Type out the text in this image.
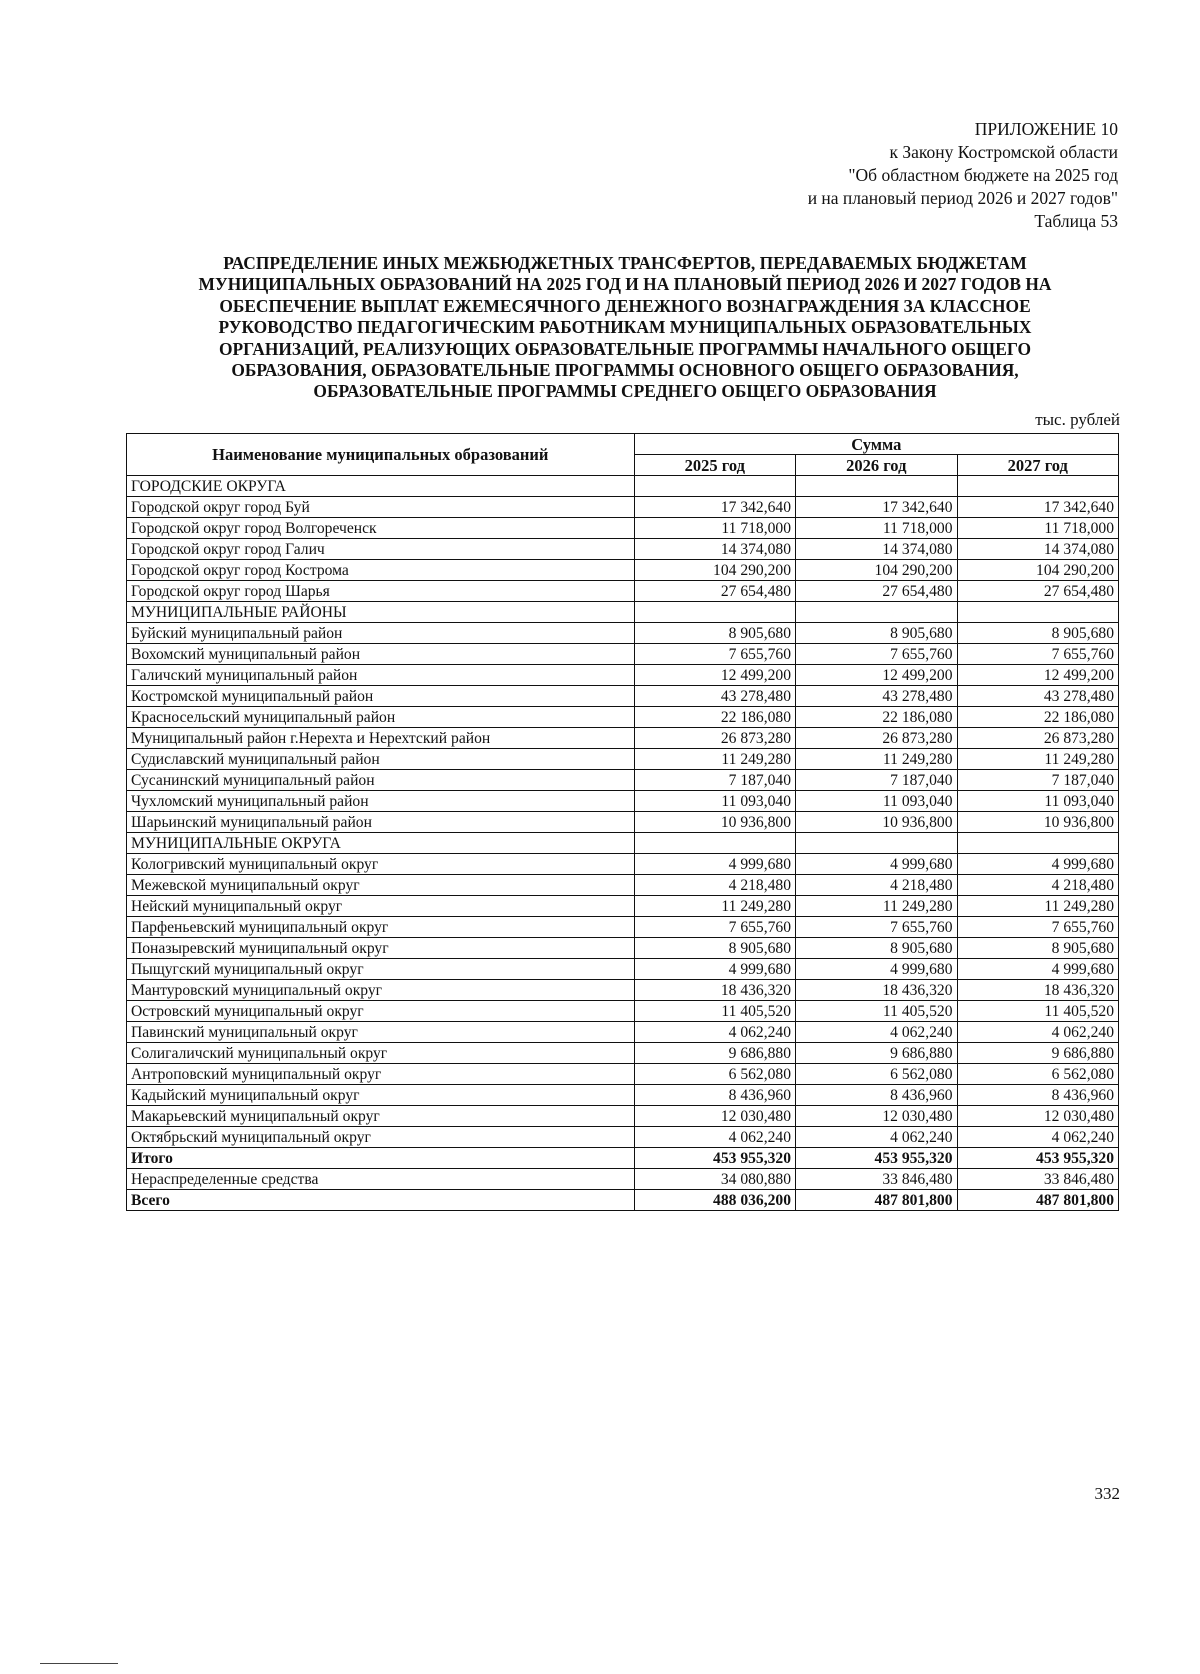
ПРИЛОЖЕНИЕ 10
к Закону Костромской области
"Об областном бюджете на 2025 год
и на плановый период 2026 и 2027 годов"
Таблица 53
РАСПРЕДЕЛЕНИЕ ИНЫХ МЕЖБЮДЖЕТНЫХ ТРАНСФЕРТОВ, ПЕРЕДАВАЕМЫХ БЮДЖЕТАМ
МУНИЦИПАЛЬНЫХ ОБРАЗОВАНИЙ НА 2025 ГОД И НА ПЛАНОВЫЙ ПЕРИОД 2026 И 2027 ГОДОВ НА
ОБЕСПЕЧЕНИЕ ВЫПЛАТ ЕЖЕМЕСЯЧНОГО ДЕНЕЖНОГО ВОЗНАГРАЖДЕНИЯ ЗА КЛАССНОЕ
РУКОВОДСТВО ПЕДАГОГИЧЕСКИМ РАБОТНИКАМ МУНИЦИПАЛЬНЫХ ОБРАЗОВАТЕЛЬНЫХ
ОРГАНИЗАЦИЙ, РЕАЛИЗУЮЩИХ ОБРАЗОВАТЕЛЬНЫЕ ПРОГРАММЫ НАЧАЛЬНОГО ОБЩЕГО
ОБРАЗОВАНИЯ, ОБРАЗОВАТЕЛЬНЫЕ ПРОГРАММЫ ОСНОВНОГО ОБЩЕГО ОБРАЗОВАНИЯ,
ОБРАЗОВАТЕЛЬНЫЕ ПРОГРАММЫ СРЕДНЕГО ОБЩЕГО ОБРАЗОВАНИЯ
тыс. рублей
Наименование муниципальных образований	Сумма		
	2025 год	2026 год	2027 год
ГОРОДСКИЕ ОКРУГА			
Городской округ город Буй	17 342,640	17 342,640	17 342,640
Городской округ город Волгореченск	11 718,000	11 718,000	11 718,000
Городской округ город Галич	14 374,080	14 374,080	14 374,080
Городской округ город Кострома	104 290,200	104 290,200	104 290,200
Городской округ город Шарья	27 654,480	27 654,480	27 654,480
МУНИЦИПАЛЬНЫЕ РАЙОНЫ			
Буйский муниципальный район	8 905,680	8 905,680	8 905,680
Вохомский муниципальный район	7 655,760	7 655,760	7 655,760
Галичский муниципальный район	12 499,200	12 499,200	12 499,200
Костромской муниципальный район	43 278,480	43 278,480	43 278,480
Красносельский муниципальный район	22 186,080	22 186,080	22 186,080
Муниципальный район г.Нерехта и Нерехтский район	26 873,280	26 873,280	26 873,280
Судиславский муниципальный район	11 249,280	11 249,280	11 249,280
Сусанинский муниципальный район	7 187,040	7 187,040	7 187,040
Чухломский муниципальный район	11 093,040	11 093,040	11 093,040
Шарьинский муниципальный район	10 936,800	10 936,800	10 936,800
МУНИЦИПАЛЬНЫЕ ОКРУГА			
Кологривский муниципальный округ	4 999,680	4 999,680	4 999,680
Межевской муниципальный округ	4 218,480	4 218,480	4 218,480
Нейский муниципальный округ	11 249,280	11 249,280	11 249,280
Парфеньевский муниципальный округ	7 655,760	7 655,760	7 655,760
Поназыревский муниципальный округ	8 905,680	8 905,680	8 905,680
Пыщугский муниципальный округ	4 999,680	4 999,680	4 999,680
Мантуровский муниципальный округ	18 436,320	18 436,320	18 436,320
Островский муниципальный округ	11 405,520	11 405,520	11 405,520
Павинский муниципальный округ	4 062,240	4 062,240	4 062,240
Солигаличский муниципальный округ	9 686,880	9 686,880	9 686,880
Антроповский муниципальный округ	6 562,080	6 562,080	6 562,080
Кадыйский муниципальный округ	8 436,960	8 436,960	8 436,960
Макарьевский муниципальный округ	12 030,480	12 030,480	12 030,480
Октябрьский муниципальный округ	4 062,240	4 062,240	4 062,240
Итого	453 955,320	453 955,320	453 955,320
Нераспределенные средства	34 080,880	33 846,480	33 846,480
Всего	488 036,200	487 801,800	487 801,800
332
